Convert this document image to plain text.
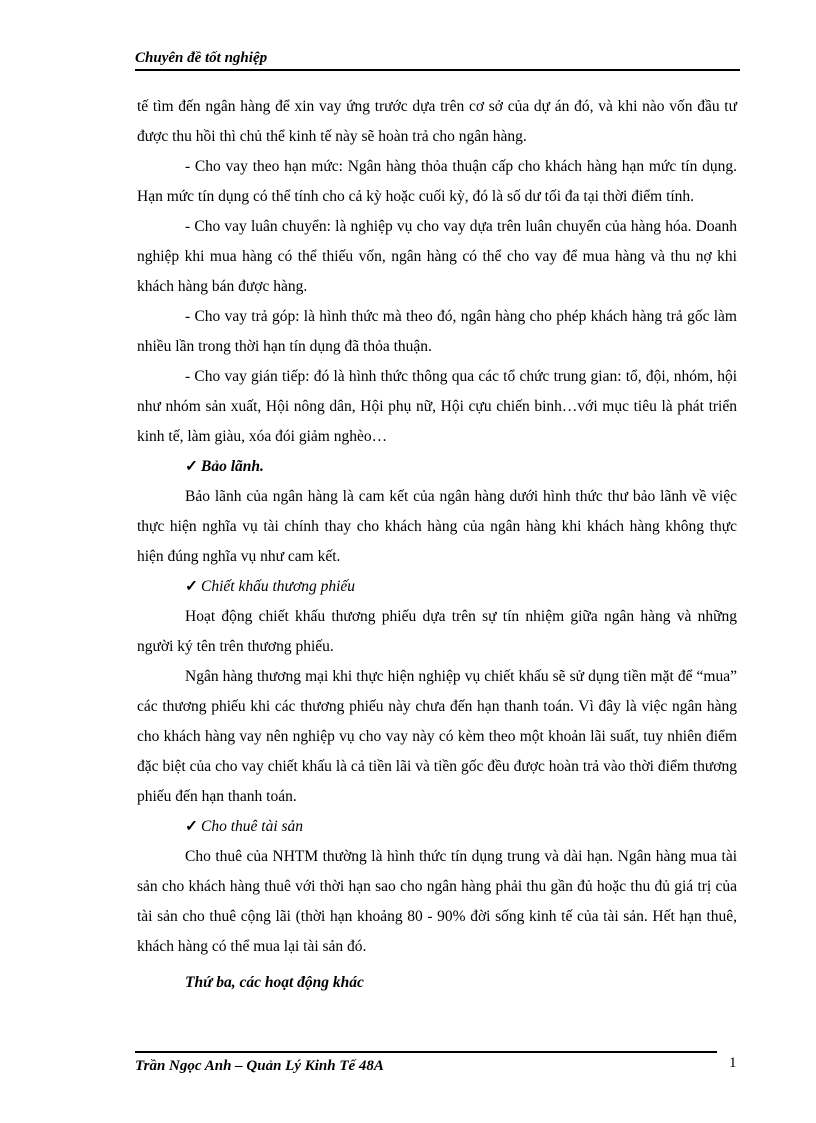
Chuyên đề tốt nghiệp

tế tìm đến ngân hàng để xin vay ứng trước dựa trên cơ sở của dự án đó, và khi nào vốn đầu tư được thu hồi thì chủ thể kinh tế này sẽ hoàn trả cho ngân hàng.

- Cho vay theo hạn mức: Ngân hàng thỏa thuận cấp cho khách hàng hạn mức tín dụng. Hạn mức tín dụng có thể tính cho cả kỳ hoặc cuối kỳ, đó là số dư tối đa tại thời điểm tính.

- Cho vay luân chuyển: là nghiệp vụ cho vay dựa trên luân chuyển của hàng hóa. Doanh nghiệp khi mua hàng có thể thiếu vốn, ngân hàng có thể cho vay để mua hàng và thu nợ khi khách hàng bán được hàng.

- Cho vay trả góp: là hình thức mà theo đó, ngân hàng cho phép khách hàng trả gốc làm nhiều lần trong thời hạn tín dụng đã thỏa thuận.

- Cho vay gián tiếp: đó là hình thức thông qua các tổ chức trung gian: tổ, đội, nhóm, hội như nhóm sản xuất, Hội nông dân, Hội phụ nữ, Hội cựu chiến binh…với mục tiêu là phát triển kinh tế, làm giàu, xóa đói giảm nghèo…

✓ Bảo lãnh.

Bảo lãnh của ngân hàng là cam kết của ngân hàng dưới hình thức thư bảo lãnh về việc thực hiện nghĩa vụ tài chính thay cho khách hàng của ngân hàng khi khách hàng không thực hiện đúng nghĩa vụ như cam kết.

✓ Chiết khấu thương phiếu

Hoạt động chiết khấu thương phiếu dựa trên sự tín nhiệm giữa ngân hàng và những người ký tên trên thương phiếu.

Ngân hàng thương mại khi thực hiện nghiệp vụ chiết khấu sẽ sử dụng tiền mặt để “mua” các thương phiếu khi các thương phiếu này chưa đến hạn thanh toán. Vì đây là việc ngân hàng cho khách hàng vay nên nghiệp vụ cho vay này có kèm theo một khoản lãi suất, tuy nhiên điểm đặc biệt của cho vay chiết khấu là cả tiền lãi và tiền gốc đều được hoàn trả vào thời điểm thương phiếu đến hạn thanh toán.

✓ Cho thuê tài sản

Cho thuê của NHTM thường là hình thức tín dụng trung và dài hạn. Ngân hàng mua tài sản cho khách hàng thuê với thời hạn sao cho ngân hàng phải thu gần đủ hoặc thu đủ giá trị của tài sản cho thuê cộng lãi (thời hạn khoảng 80 - 90% đời sống kinh tế của tài sản. Hết hạn thuê, khách hàng có thể mua lại tài sản đó.

Thứ ba, các hoạt động khác

Trần Ngọc Anh – Quản Lý Kinh Tế 48A	1
